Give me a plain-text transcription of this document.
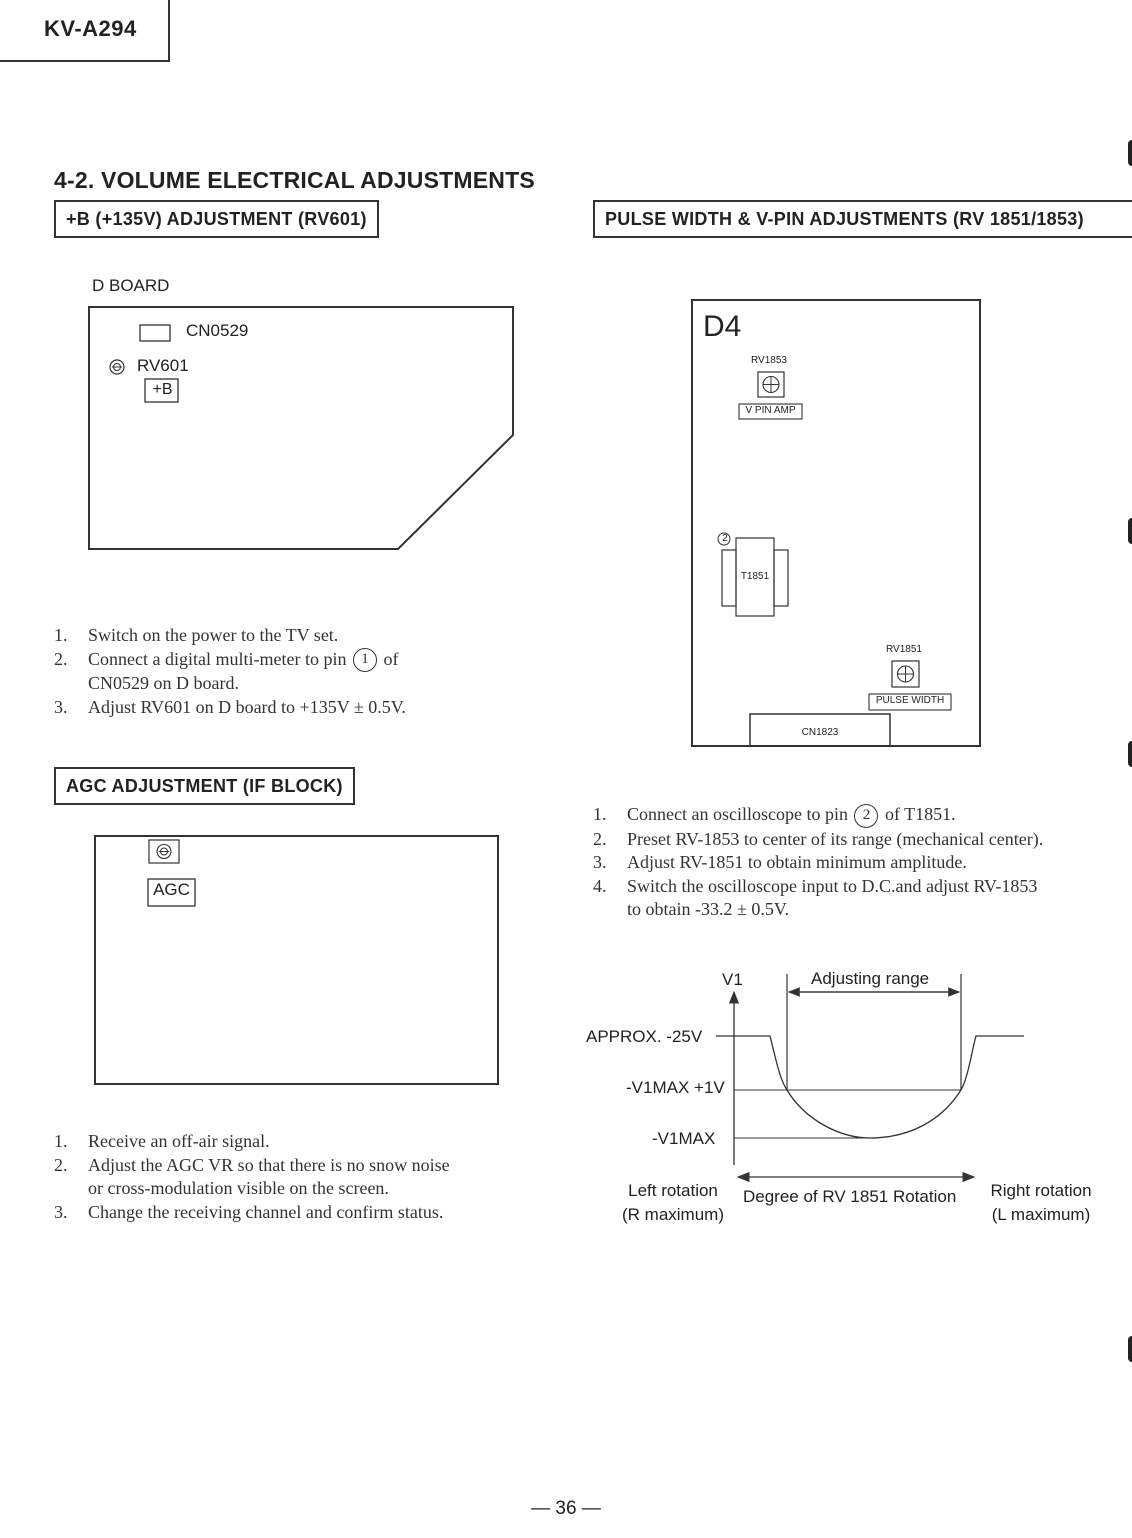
KV-A294
4-2. VOLUME ELECTRICAL ADJUSTMENTS
+B (+135V) ADJUSTMENT (RV601)
D BOARD
CN0529
RV601
+B
1. Switch on the power to the TV set.
2. Connect a digital multi-meter to pin 1 of
CN0529 on D board.
3. Adjust RV601 on D board to +135V ± 0.5V.
AGC ADJUSTMENT (IF BLOCK)
AGC
1. Receive an off-air signal.
2. Adjust the AGC VR so that there is no snow noise
or cross-modulation visible on the screen.
3. Change the receiving channel and confirm status.
PULSE WIDTH & V-PIN ADJUSTMENTS (RV 1851/1853)
D4
RV1853
V PIN AMP
2
T1851
RV1851
PULSE WIDTH
CN1823
1. Connect an oscilloscope to pin 2 of T1851.
2. Preset RV-1853 to center of its range (mechanical center).
3. Adjust RV-1851 to obtain minimum amplitude.
4. Switch the oscilloscope input to D.C.and adjust RV-1853
to obtain -33.2 ± 0.5V.
V1	Adjusting range
APPROX. -25V
-V1MAX +1V
-V1MAX
Left rotation
(R maximum)
Degree of RV 1851 Rotation	Right rotation
(L maximum)
— 36 —
